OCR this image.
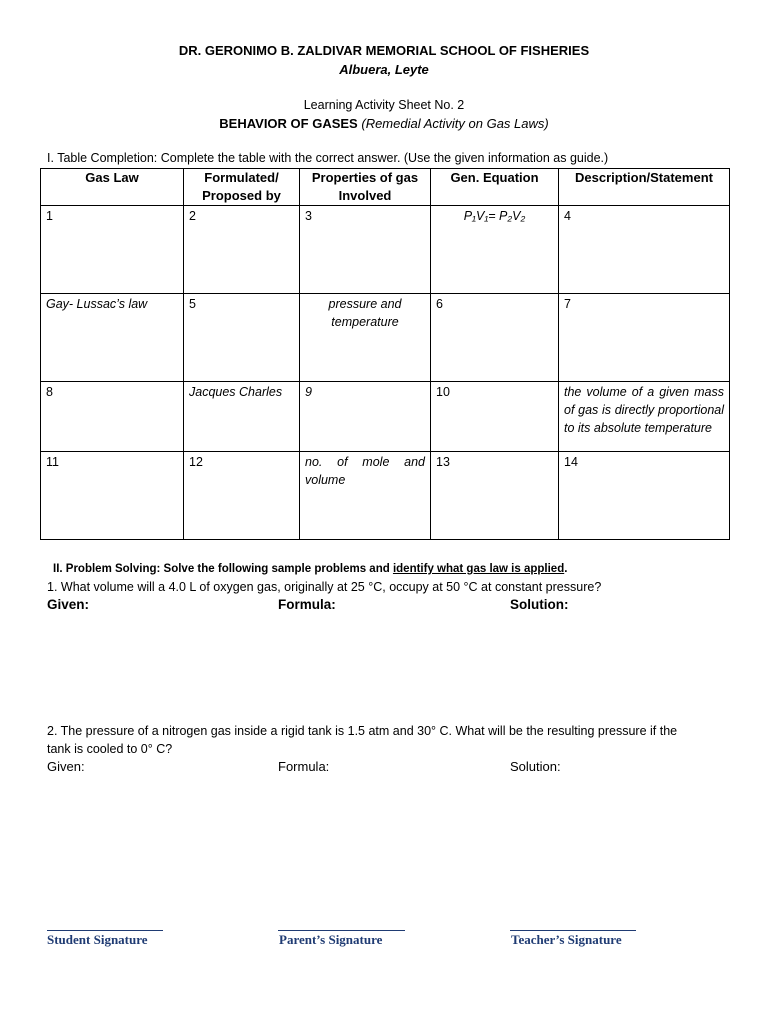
DR. GERONIMO B. ZALDIVAR MEMORIAL SCHOOL OF FISHERIES
Albuera, Leyte
Learning Activity Sheet No. 2
BEHAVIOR OF GASES (Remedial Activity on Gas Laws)
I. Table Completion: Complete the table with the correct answer. (Use the given information as guide.)
Gas Law	Formulated/ Proposed by	Properties of gas Involved	Gen. Equation	Description/Statement
1	2	3	P₁V₁= P₂V₂	4
Gay- Lussac’s law	5	pressure and temperature	6	7
8	Jacques Charles	9	10	the volume of a given mass of gas is directly proportional to its absolute temperature
11	12	no. of mole and volume	13	14
II. Problem Solving: Solve the following sample problems and identify what gas law is applied.
1. What volume will a 4.0 L of oxygen gas, originally at 25 °C, occupy at 50 °C at constant pressure?
Given:	Formula:	Solution:
2. The pressure of a nitrogen gas inside a rigid tank is 1.5 atm and 30° C. What will be the resulting pressure if the tank is cooled to 0° C?
Given:	Formula:	Solution:
Student Signature	Parent’s Signature	Teacher’s Signature
